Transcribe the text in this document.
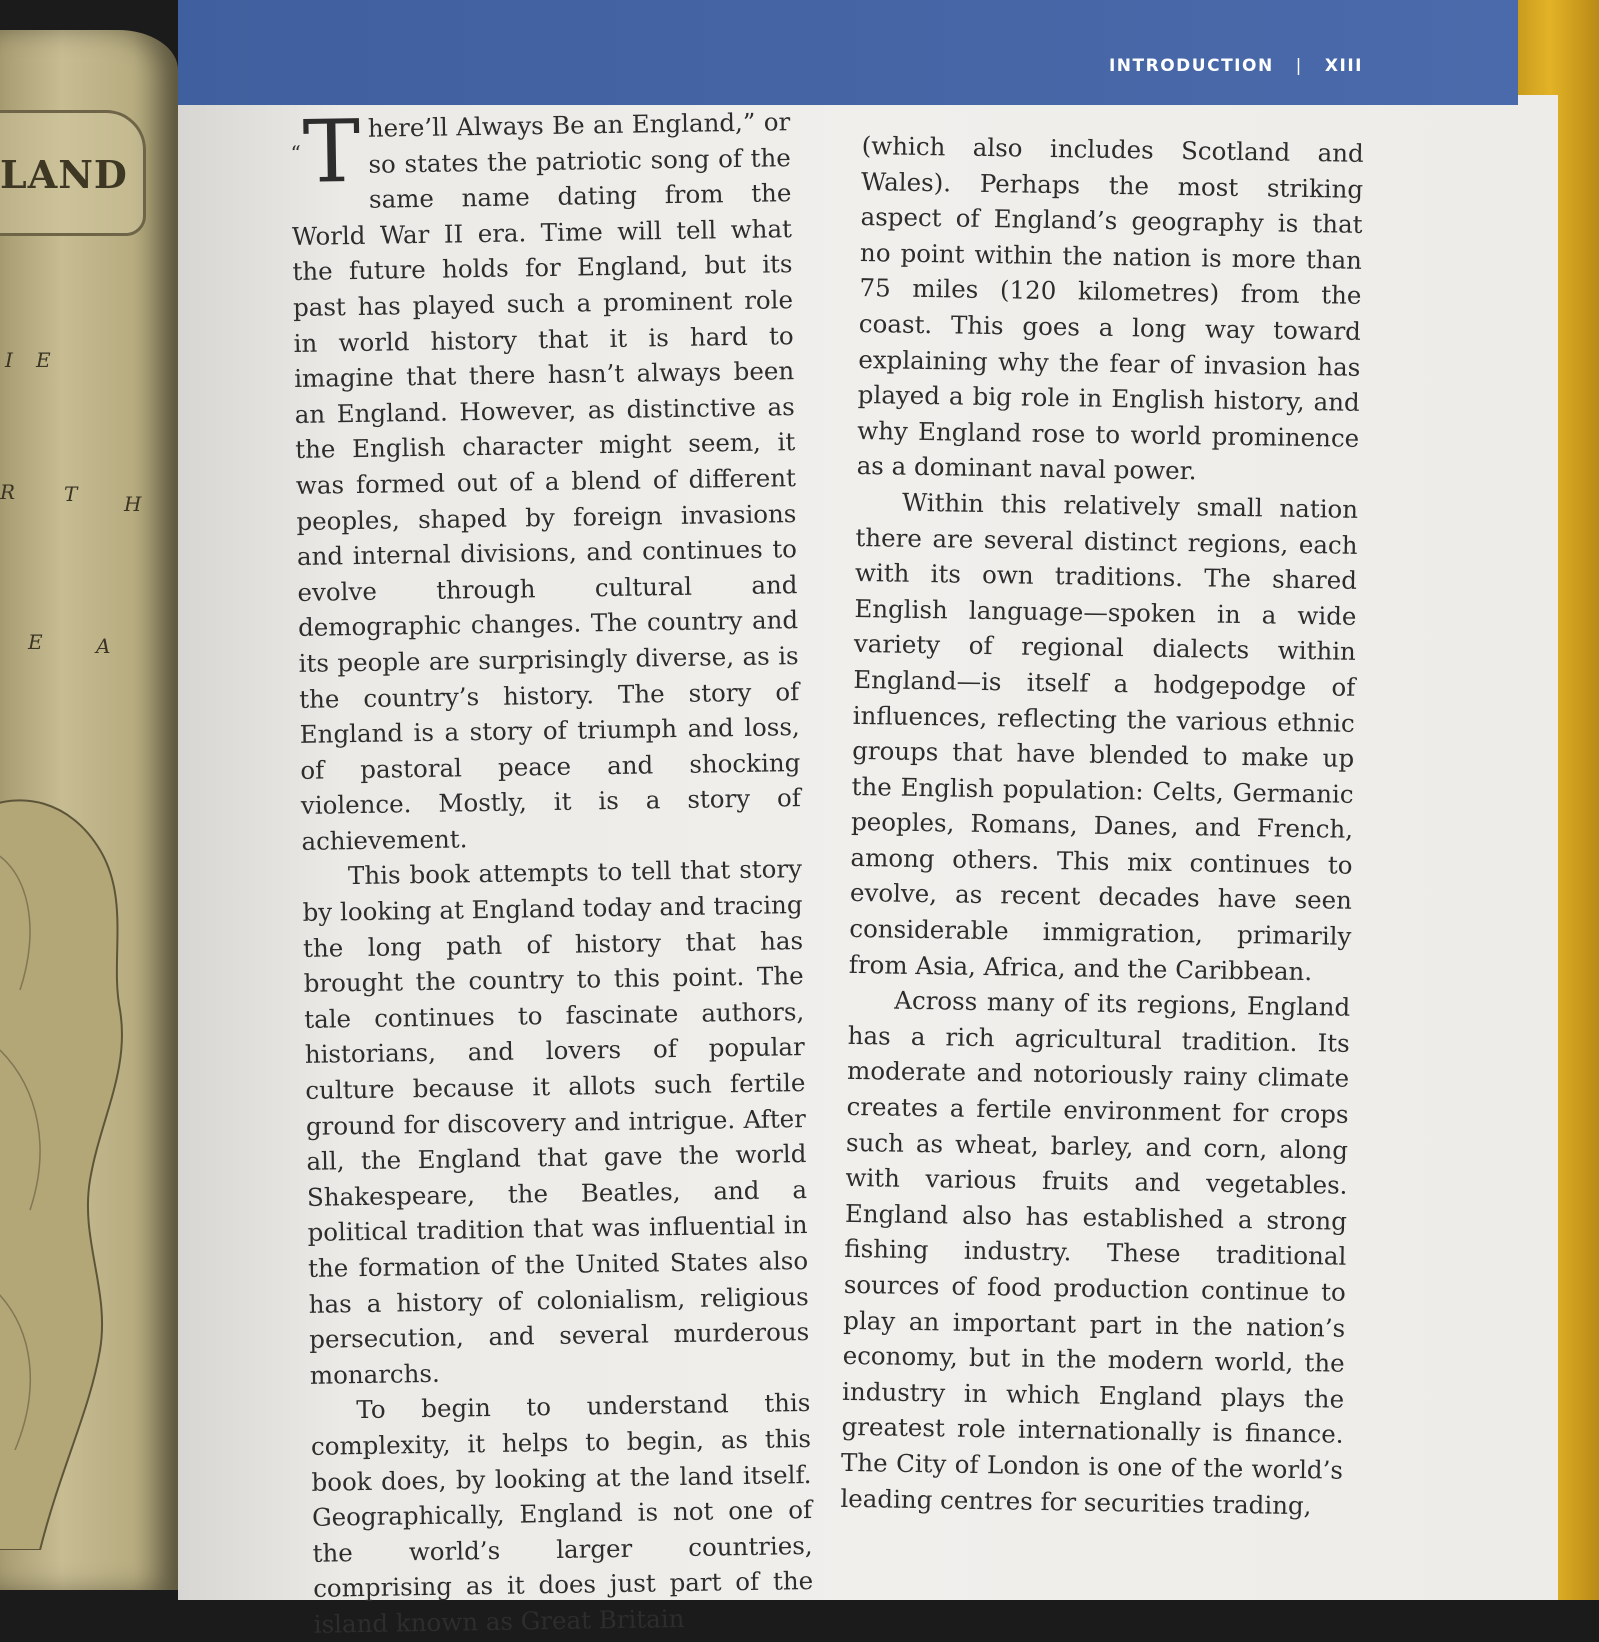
LAND
I E
R T H
E	A
INTRODUCTION | XIII

“T here’ll Always Be an England,” or so states the patriotic song of the same name dating from the World War II era. Time will tell what the future holds for England, but its past has played such a prominent role in world history that it is hard to imagine that there hasn’t always been an England. However, as distinctive as the English character might seem, it was formed out of a blend of different peoples, shaped by foreign invasions and internal divisions, and continues to evolve through cultural and demographic changes. The country and its people are surprisingly diverse, as is the country’s history. The story of England is a story of triumph and loss, of pastoral peace and shocking violence. Mostly, it is a story of achievement.

This book attempts to tell that story by looking at England today and tracing the long path of history that has brought the country to this point. The tale continues to fascinate authors, historians, and lovers of popular culture because it allots such fertile ground for discovery and intrigue. After all, the England that gave the world Shakespeare, the Beatles, and a political tradition that was influential in the formation of the United States also has a history of colonialism, religious persecution, and several murderous monarchs.

To begin to understand this complexity, it helps to begin, as this book does, by looking at the land itself. Geographically, England is not one of the world’s larger countries, comprising as it does just part of the island known as Great Britain

(which also includes Scotland and Wales). Perhaps the most striking aspect of England’s geography is that no point within the nation is more than 75 miles (120 kilometres) from the coast. This goes a long way toward explaining why the fear of invasion has played a big role in English history, and why England rose to world prominence as a dominant naval power.

Within this relatively small nation there are several distinct regions, each with its own traditions. The shared English language—spoken in a wide variety of regional dialects within England—is itself a hodgepodge of influences, reflecting the various ethnic groups that have blended to make up the English population: Celts, Germanic peoples, Romans, Danes, and French, among others. This mix continues to evolve, as recent decades have seen considerable immigration, primarily from Asia, Africa, and the Caribbean.

Across many of its regions, England has a rich agricultural tradition. Its moderate and notoriously rainy climate creates a fertile environment for crops such as wheat, barley, and corn, along with various fruits and vegetables. England also has established a strong fishing industry. These traditional sources of food production continue to play an important part in the nation’s economy, but in the modern world, the industry in which England plays the greatest role internationally is finance. The City of London is one of the world’s leading centres for securities trading,
